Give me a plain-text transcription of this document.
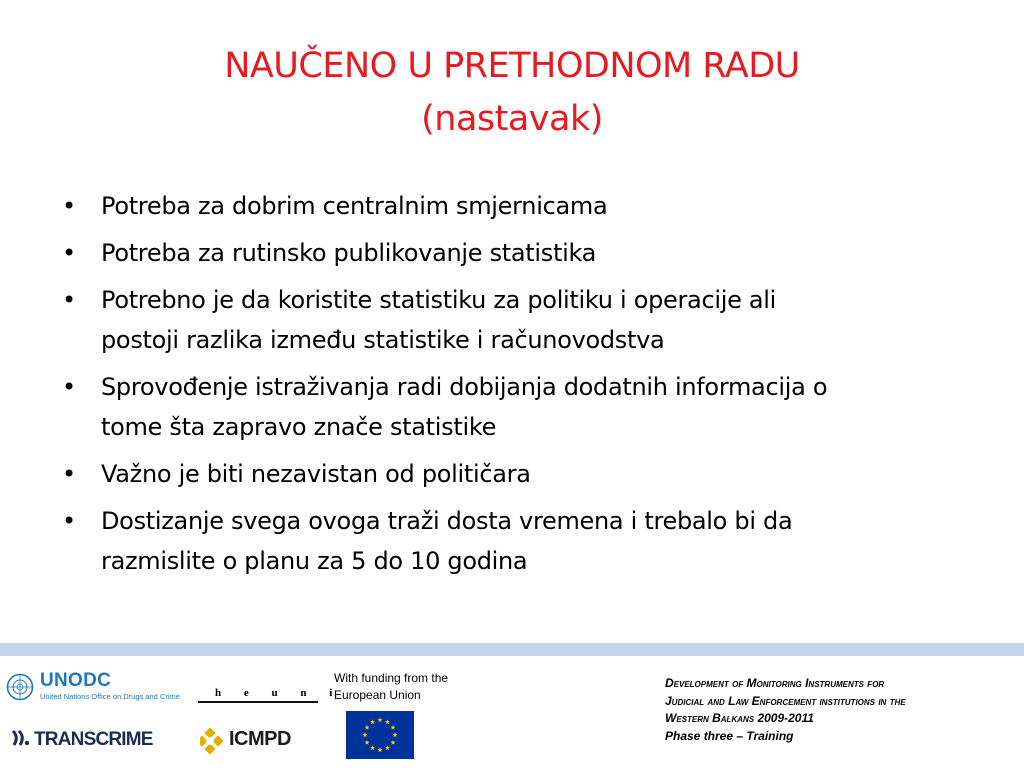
NAUČENO U PRETHODNOM RADU
(nastavak)
• Potreba za dobrim centralnim smjernicama
• Potreba za rutinsko publikovanje statistika
• Potrebno je da koristite statistiku za politiku i operacije ali
postoji razlika između statistike i računovodstva
• Sprovođenje istraživanja radi dobijanja dodatnih informacija o
tome šta zapravo znače statistike
• Važno je biti nezavistan od političara
• Dostizanje svega ovoga traži dosta vremena i trebalo bi da
razmislite o planu za 5 do 10 godina
UNODC
United Nations Office on Drugs and Crime	h e u n i
TRANSCRIME	ICMPD
With funding from the
European Union
Development of Monitoring Instruments for
Judicial and Law Enforcement institutions in the
Western Balkans 2009-2011
Phase three – Training
